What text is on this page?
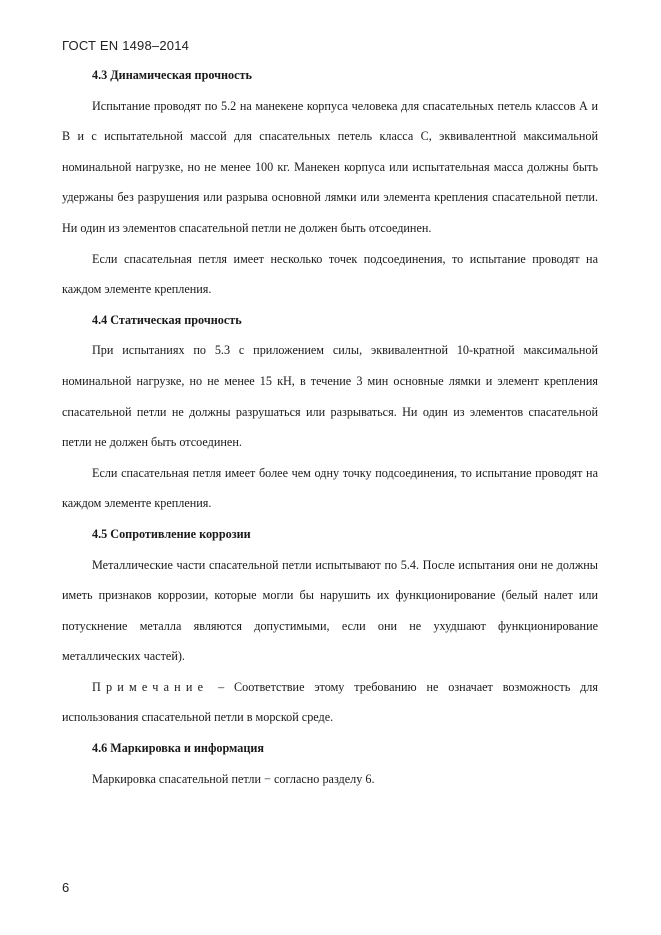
ГОСТ EN 1498–2014

4.3 Динамическая прочность

Испытание проводят по 5.2 на манекене корпуса человека для спасательных петель классов А и В и с испытательной массой для спасательных петель класса С, эквивалентной максимальной номинальной нагрузке, но не менее 100 кг. Манекен корпуса или испытательная масса должны быть удержаны без разрушения или разрыва основной лямки или элемента крепления спасательной петли. Ни один из элементов спасательной петли не должен быть отсоединен.

Если спасательная петля имеет несколько точек подсоединения, то испытание проводят на каждом элементе крепления.

4.4 Статическая прочность

При испытаниях по 5.3 с приложением силы, эквивалентной 10-кратной максимальной номинальной нагрузке, но не менее 15 кН, в течение 3 мин основные лямки и элемент крепления спасательной петли не должны разрушаться или разрываться. Ни один из элементов спасательной петли не должен быть отсоединен.

Если спасательная петля имеет более чем одну точку подсоединения, то испытание проводят на каждом элементе крепления.

4.5 Сопротивление коррозии

Металлические части спасательной петли испытывают по 5.4. После испытания они не должны иметь признаков коррозии, которые могли бы нарушить их функционирование (белый налет или потускнение металла являются допустимыми, если они не ухудшают функционирование металлических частей).

Примечание – Соответствие этому требованию не означает возможность для использования спасательной петли в морской среде.

4.6 Маркировка и информация

Маркировка спасательной петли − согласно разделу 6.

6
